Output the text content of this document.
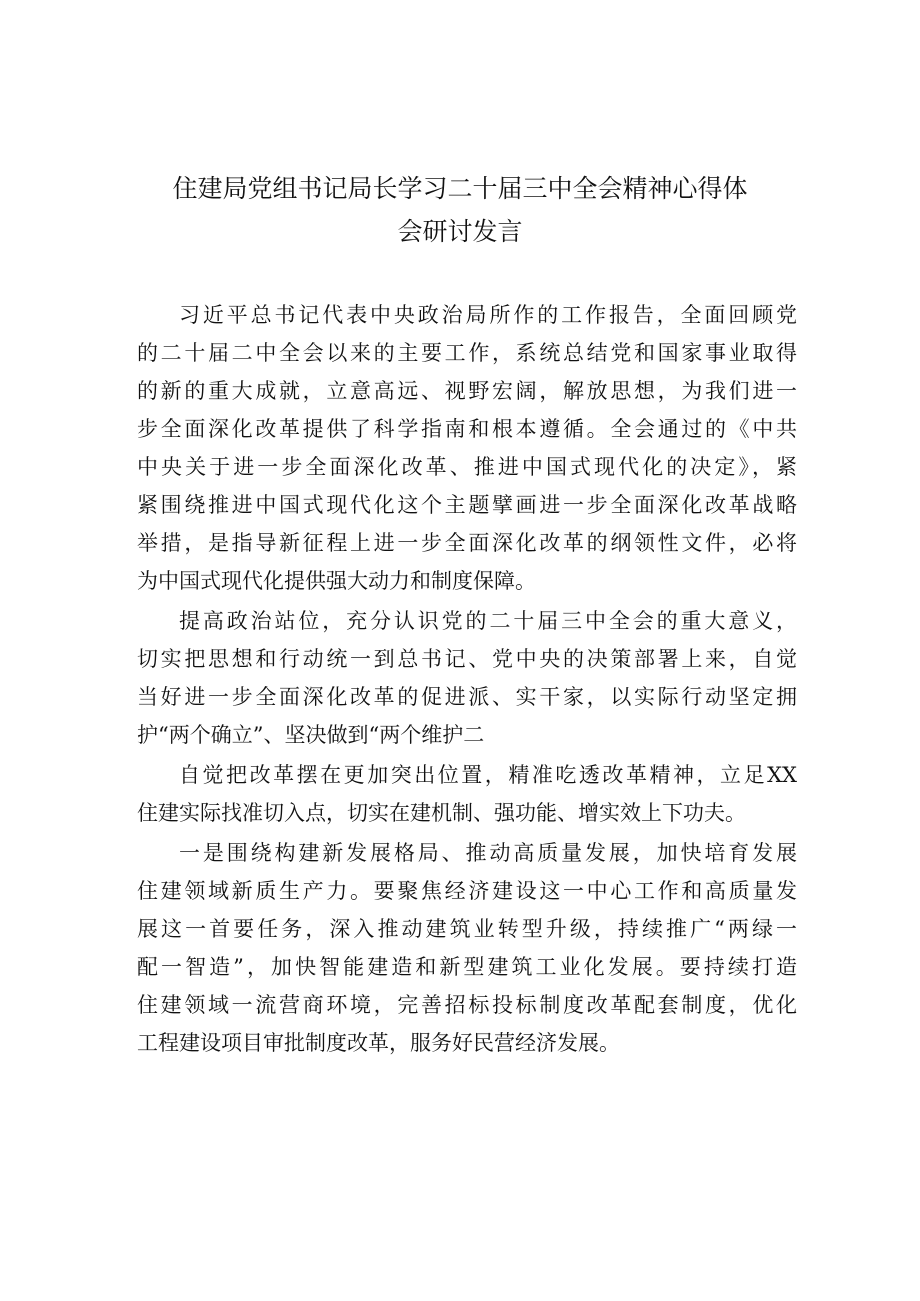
住建局党组书记局长学习二十届三中全会精神心得体
会研讨发言
习近平总书记代表中央政治局所作的工作报告，全面回顾党
的二十届二中全会以来的主要工作，系统总结党和国家事业取得
的新的重大成就，立意高远、视野宏阔，解放思想，为我们进一
步全面深化改革提供了科学指南和根本遵循。全会通过的《中共
中央关于进一步全面深化改革、推进中国式现代化的决定》，紧
紧围绕推进中国式现代化这个主题擘画进一步全面深化改革战略
举措，是指导新征程上进一步全面深化改革的纲领性文件，必将
为中国式现代化提供强大动力和制度保障。
提高政治站位，充分认识党的二十届三中全会的重大意义，
切实把思想和行动统一到总书记、党中央的决策部署上来，自觉
当好进一步全面深化改革的促进派、实干家，以实际行动坚定拥
护“两个确立”、坚决做到“两个维护二
自觉把改革摆在更加突出位置，精准吃透改革精神，立足XX
住建实际找准切入点，切实在建机制、强功能、增实效上下功夫。
一是围绕构建新发展格局、推动高质量发展，加快培育发展
住建领域新质生产力。要聚焦经济建设这一中心工作和高质量发
展这一首要任务，深入推动建筑业转型升级，持续推广“两绿一
配一智造”，加快智能建造和新型建筑工业化发展。要持续打造
住建领域一流营商环境，完善招标投标制度改革配套制度，优化
工程建设项目审批制度改革，服务好民营经济发展。
